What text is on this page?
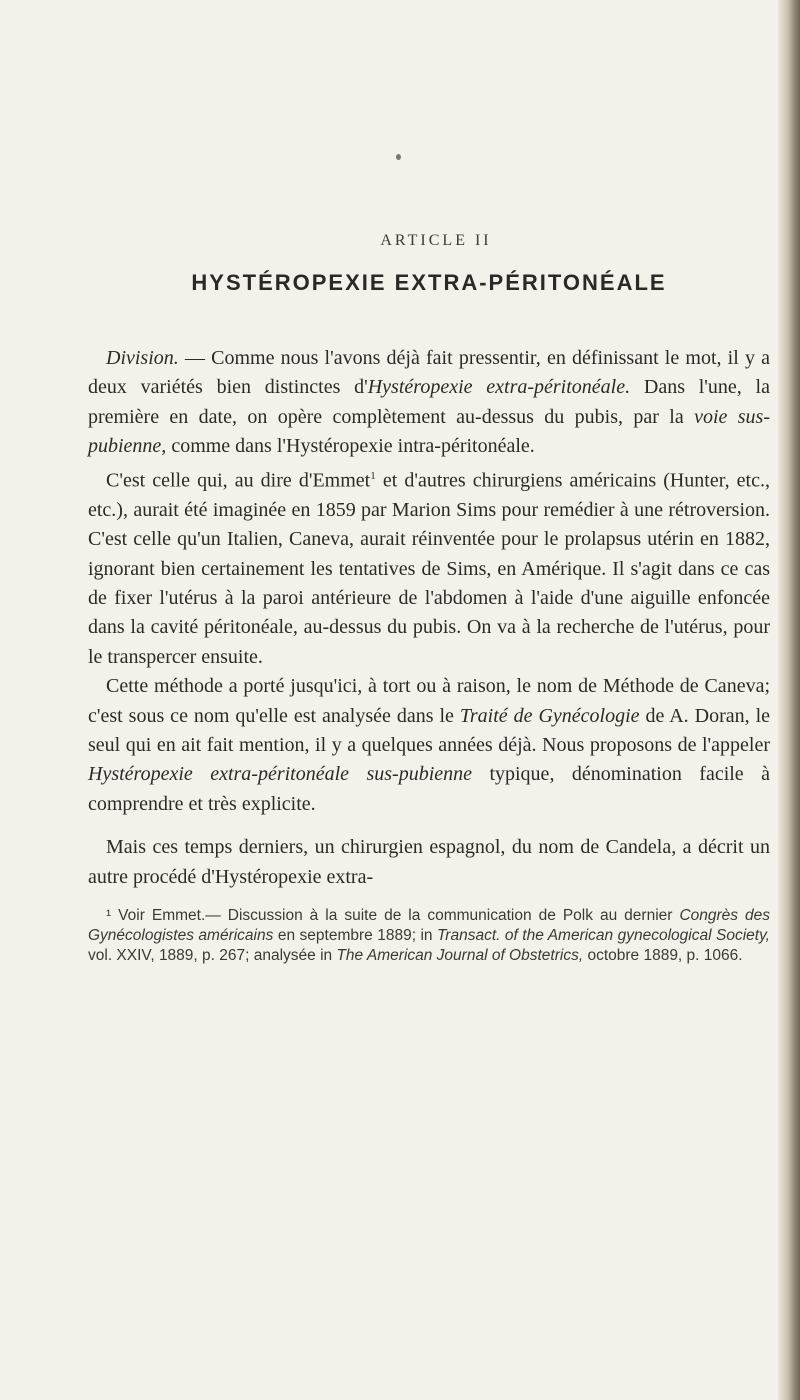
ARTICLE II
HYSTÉROPEXIE EXTRA-PÉRITONÉALE

Division. — Comme nous l'avons déjà fait pressentir, en définissant le mot, il y a deux variétés bien distinctes d'Hystéropexie extra-péritonéale. Dans l'une, la première en date, on opère complètement au-dessus du pubis, par la voie sus-pubienne, comme dans l'Hystéropexie intra-péritonéale.

C'est celle qui, au dire d'Emmet$^1$ et d'autres chirurgiens américains (Hunter, etc., etc.), aurait été imaginée en 1859 par Marion Sims pour remédier à une rétroversion. C'est celle qu'un Italien, Caneva, aurait réinventée pour le prolapsus utérin en 1882, ignorant bien certainement les tentatives de Sims, en Amérique. Il s'agit dans ce cas de fixer l'utérus à la paroi antérieure de l'abdomen à l'aide d'une aiguille enfoncée dans la cavité péritonéale, au-dessus du pubis. On va à la recherche de l'utérus, pour le transpercer ensuite.

Cette méthode a porté jusqu'ici, à tort ou à raison, le nom de Méthode de Caneva; c'est sous ce nom qu'elle est analysée dans le Traité de Gynécologie de A. Doran, le seul qui en ait fait mention, il y a quelques années déjà. Nous proposons de l'appeler Hystéropexie extra-péritonéale sus-pubienne typique, dénomination facile à comprendre et très explicite.

Mais ces temps derniers, un chirurgien espagnol, du nom de Candela, a décrit un autre procédé d'Hystéropexie extra-

¹ Voir Emmet.— Discussion à la suite de la communication de Polk au dernier Congrès des Gynécologistes américains en septembre 1889; in Transact. of the American gynecological Society, vol. XXIV, 1889, p. 267; analysée in The American Journal of Obstetrics, octobre 1889, p. 1066.
